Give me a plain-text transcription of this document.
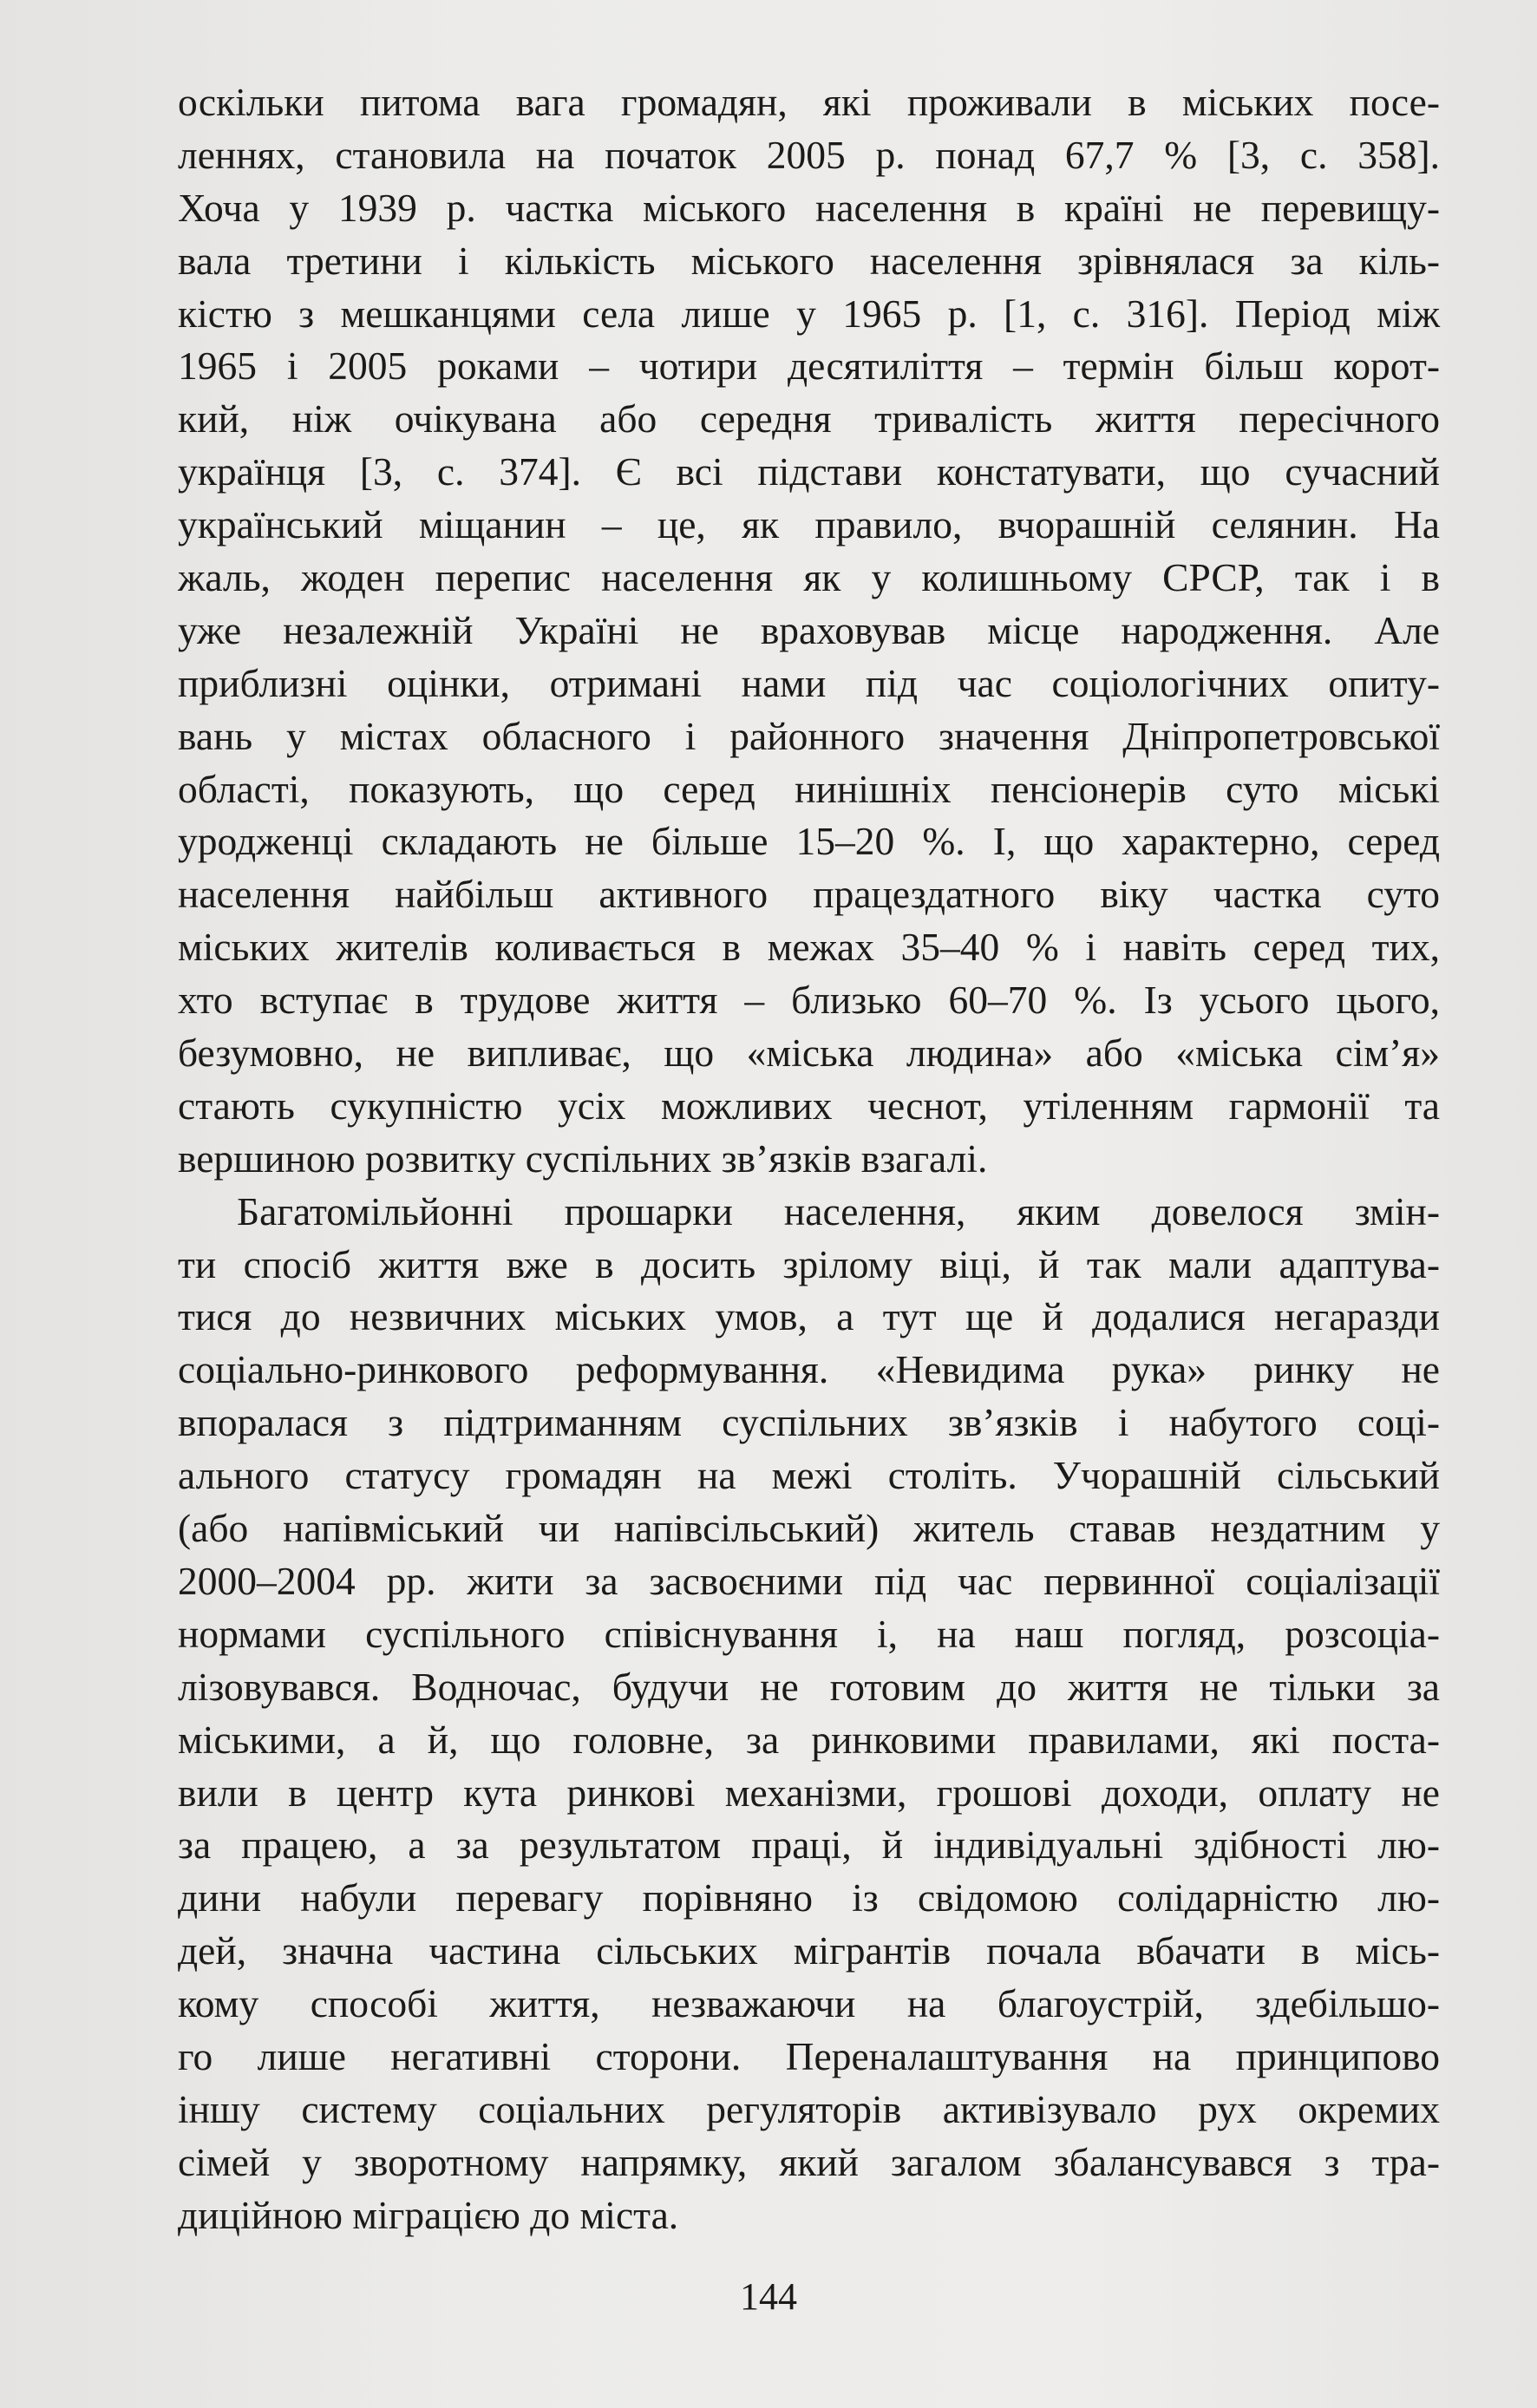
оскільки питома вага громадян, які проживали в міських посе-
леннях, становила на початок 2005 р. понад 67,7 % [3, с. 358].
Хоча у 1939 р. частка міського населення в країні не перевищу-
вала третини і кількість міського населення зрівнялася за кіль-
кістю з мешканцями села лише у 1965 р. [1, с. 316]. Період між
1965 і 2005 роками – чотири десятиліття – термін більш корот-
кий, ніж очікувана або середня тривалість життя пересічного
українця [3, с. 374]. Є всі підстави констатувати, що сучасний
український міщанин – це, як правило, вчорашній селянин. На
жаль, жоден перепис населення як у колишньому СРСР, так і в
уже незалежній Україні не враховував місце народження. Але
приблизні оцінки, отримані нами під час соціологічних опиту-
вань у містах обласного і районного значення Дніпропетровської
області, показують, що серед нинішніх пенсіонерів суто міські
уродженці складають не більше 15–20 %. І, що характерно, серед
населення найбільш активного працездатного віку частка суто
міських жителів коливається в межах 35–40 % і навіть серед тих,
хто вступає в трудове життя – близько 60–70 %. Із усього цього,
безумовно, не випливає, що «міська людина» або «міська сім’я»
стають сукупністю усіх можливих чеснот, утіленням гармонії та
вершиною розвитку суспільних зв’язків взагалі.
Багатомільйонні прошарки населення, яким довелося змін-
ти спосіб життя вже в досить зрілому віці, й так мали адаптува-
тися до незвичних міських умов, а тут ще й додалися негаразди
соціально-ринкового реформування. «Невидима рука» ринку не
впоралася з підтриманням суспільних зв’язків і набутого соці-
ального статусу громадян на межі століть. Учорашній сільський
(або напівміський чи напівсільський) житель ставав нездатним у
2000–2004 рр. жити за засвоєними під час первинної соціалізації
нормами суспільного співіснування і, на наш погляд, розсоціа-
лізовувався. Водночас, будучи не готовим до життя не тільки за
міськими, а й, що головне, за ринковими правилами, які поста-
вили в центр кута ринкові механізми, грошові доходи, оплату не
за працею, а за результатом праці, й індивідуальні здібності лю-
дини набули перевагу порівняно із свідомою солідарністю лю-
дей, значна частина сільських мігрантів почала вбачати в місь-
кому способі життя, незважаючи на благоустрій, здебільшо-
го лише негативні сторони. Переналаштування на принципово
іншу систему соціальних регуляторів активізувало рух окремих
сімей у зворотному напрямку, який загалом збалансувався з тра-
диційною міграцією до міста.
144
